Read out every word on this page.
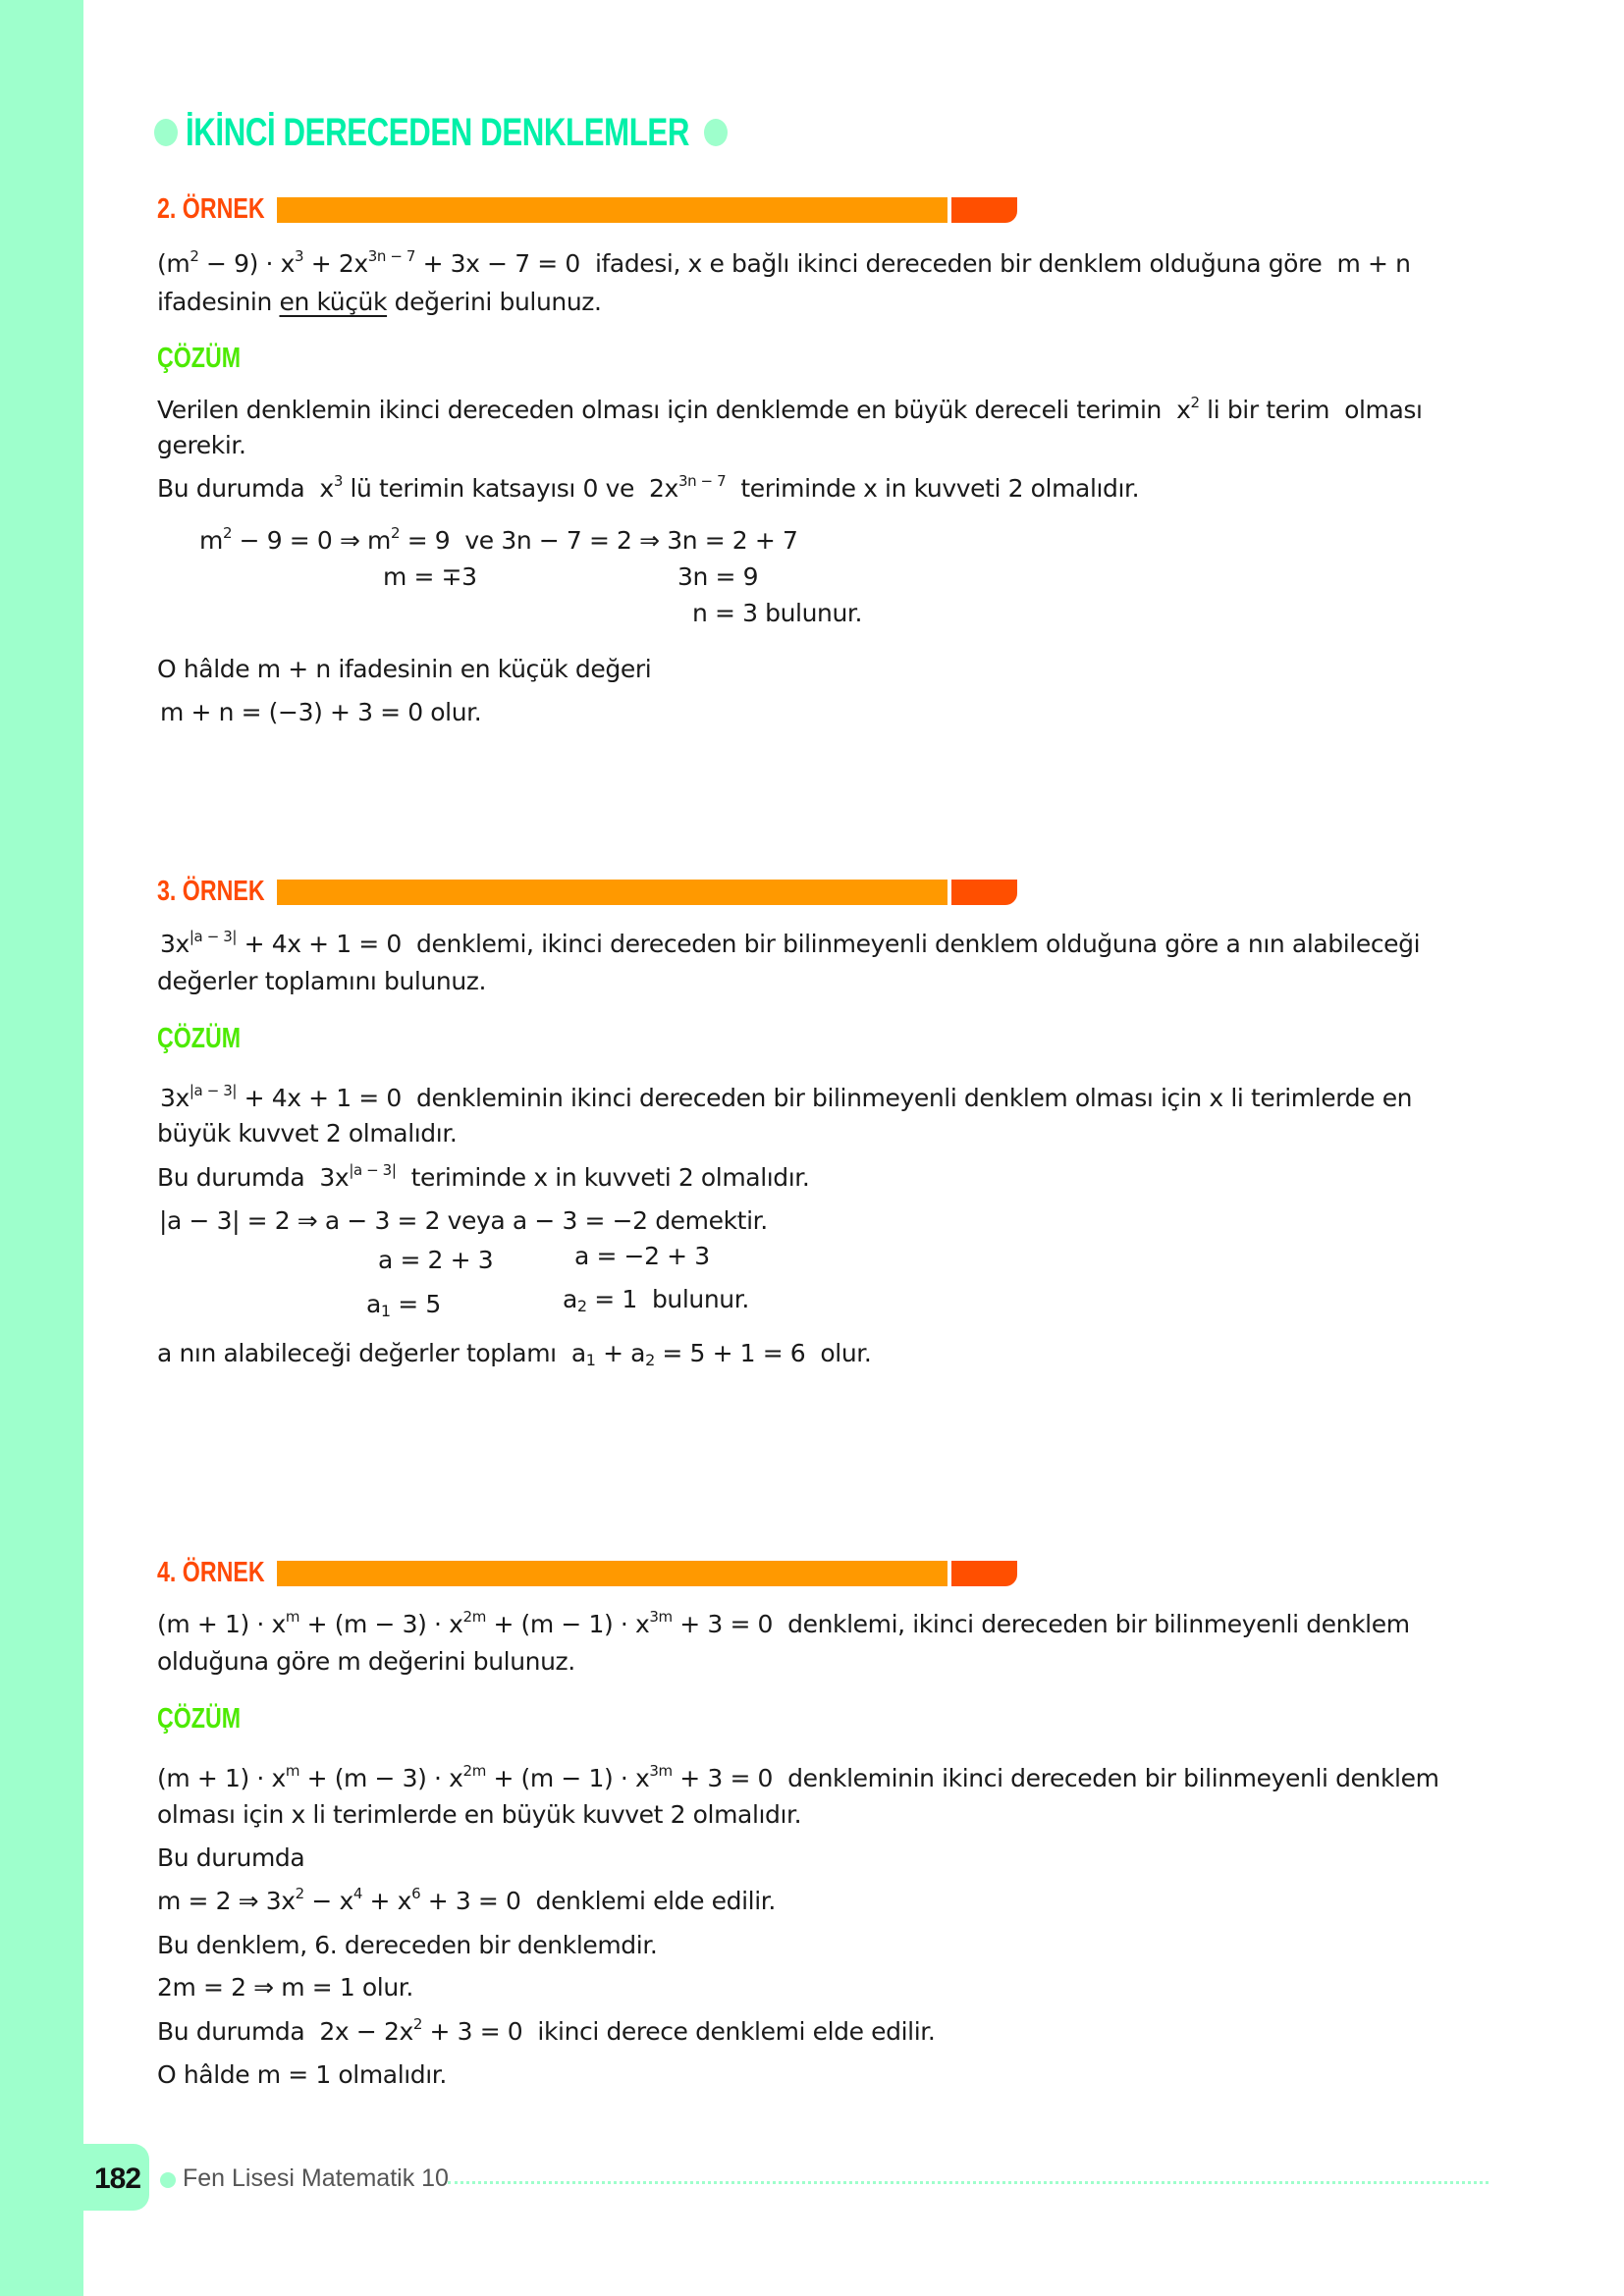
İKİNCİ DERECEDEN DENKLEMLER
2. ÖRNEK
$(m^2 - 9) \cdot x^3 + 2x^{3n - 7} + 3x - 7 = 0$  ifadesi, x e bağlı ikinci dereceden bir denklem olduğuna göre  m + n
ifadesinin en küçük değerini bulunuz.
ÇÖZÜM
Verilen denklemin ikinci dereceden olması için denklemde en büyük dereceli terimin  $x^2$ li bir terim  olması
gerekir.
Bu durumda  $x^3$ lü terimin katsayısı 0 ve  $2x^{3n - 7}$  teriminde x in kuvveti 2 olmalıdır.
$m^2 - 9 = 0$ ⇒ $m^2 = 9$  ve 3n − 7 = 2 ⇒ 3n = 2 + 7
m = ∓3	3n = 9
n = 3 bulunur.
O hâlde m + n ifadesinin en küçük değeri
m + n = (−3) + 3 = 0 olur.
3. ÖRNEK
$3x^{|a - 3|} + 4x + 1 = 0$  denklemi, ikinci dereceden bir bilinmeyenli denklem olduğuna göre a nın alabileceği
değerler toplamını bulunuz.
ÇÖZÜM
$3x^{|a - 3|} + 4x + 1 = 0$  denkleminin ikinci dereceden bir bilinmeyenli denklem olması için x li terimlerde en
büyük kuvvet 2 olmalıdır.
Bu durumda  $3x^{|a - 3|}$  teriminde x in kuvveti 2 olmalıdır.
|a − 3| = 2 ⇒ a − 3 = 2 veya a − 3 = −2 demektir.
a = 2 + 3	a = −2 + 3
$a_1 = 5$	$a_2 = 1$  bulunur.
a nın alabileceği değerler toplamı  $a_1 + a_2 = 5 + 1 = 6$  olur.
4. ÖRNEK
$(m + 1) \cdot x^m + (m - 3) \cdot x^{2m} + (m - 1) \cdot x^{3m} + 3 = 0$  denklemi, ikinci dereceden bir bilinmeyenli denklem
olduğuna göre m değerini bulunuz.
ÇÖZÜM
$(m + 1) \cdot x^m + (m - 3) \cdot x^{2m} + (m - 1) \cdot x^{3m} + 3 = 0$  denkleminin ikinci dereceden bir bilinmeyenli denklem
olması için x li terimlerde en büyük kuvvet 2 olmalıdır.
Bu durumda
m = 2 ⇒ $3x^2 - x^4 + x^6 + 3 = 0$  denklemi elde edilir.
Bu denklem, 6. dereceden bir denklemdir.
2m = 2 ⇒ m = 1 olur.
Bu durumda  $2x - 2x^2 + 3 = 0$  ikinci derece denklemi elde edilir.
O hâlde m = 1 olmalıdır.
182 Fen Lisesi Matematik 10
